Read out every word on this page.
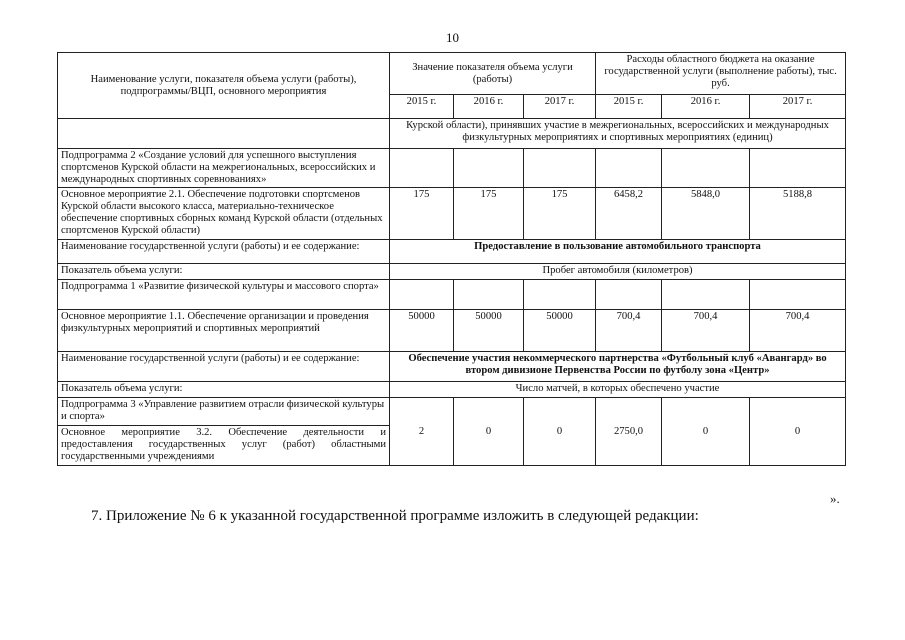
10
Наименование услуги, показателя объема услуги (работы), подпрограммы/ВЦП, основного мероприятия	Значение показателя объема услуги (работы)			Расходы областного бюджета на оказание государственной услуги (выполнение работы), тыс. руб.		
	2015 г.	2016 г.	2017 г.	2015 г.	2016 г.	2017 г.
	Курской области), принявших участие в межрегиональных, всероссийских и международных физкультурных мероприятиях и спортивных мероприятиях (единиц)					
Подпрограмма 2 «Создание условий для успешного выступления спортсменов Курской области на межрегиональных, всероссийских и международных спортивных соревнованиях»						
Основное мероприятие 2.1. Обеспечение подготовки спортсменов Курской области высокого класса, материально-техническое обеспечение спортивных сборных команд Курской области (отдельных спортсменов Курской области)	175	175	175	6458,2	5848,0	5188,8
Наименование государственной услуги (работы) и ее содержание:	Предоставление в пользование автомобильного транспорта					
Показатель объема услуги:	Пробег автомобиля (километров)					
Подпрограмма 1 «Развитие физической культуры и массового спорта»						
Основное мероприятие 1.1. Обеспечение организации и проведения физкультурных мероприятий и спортивных мероприятий	50000	50000	50000	700,4	700,4	700,4
Наименование государственной услуги (работы) и ее содержание:	Обеспечение участия некоммерческого партнерства «Футбольный клуб «Авангард» во втором дивизионе Первенства России по футболу зона «Центр»					
Показатель объема услуги:	Число матчей, в которых обеспечено участие					
Подпрограмма 3 «Управление развитием отрасли физической культуры и спорта»	2	0	0	2750,0	0	0
Основное мероприятие 3.2. Обеспечение деятельности и предоставления государственных услуг (работ) областными государственными учреждениями						
».
7. Приложение № 6 к указанной государственной программе изложить в следующей редакции:
